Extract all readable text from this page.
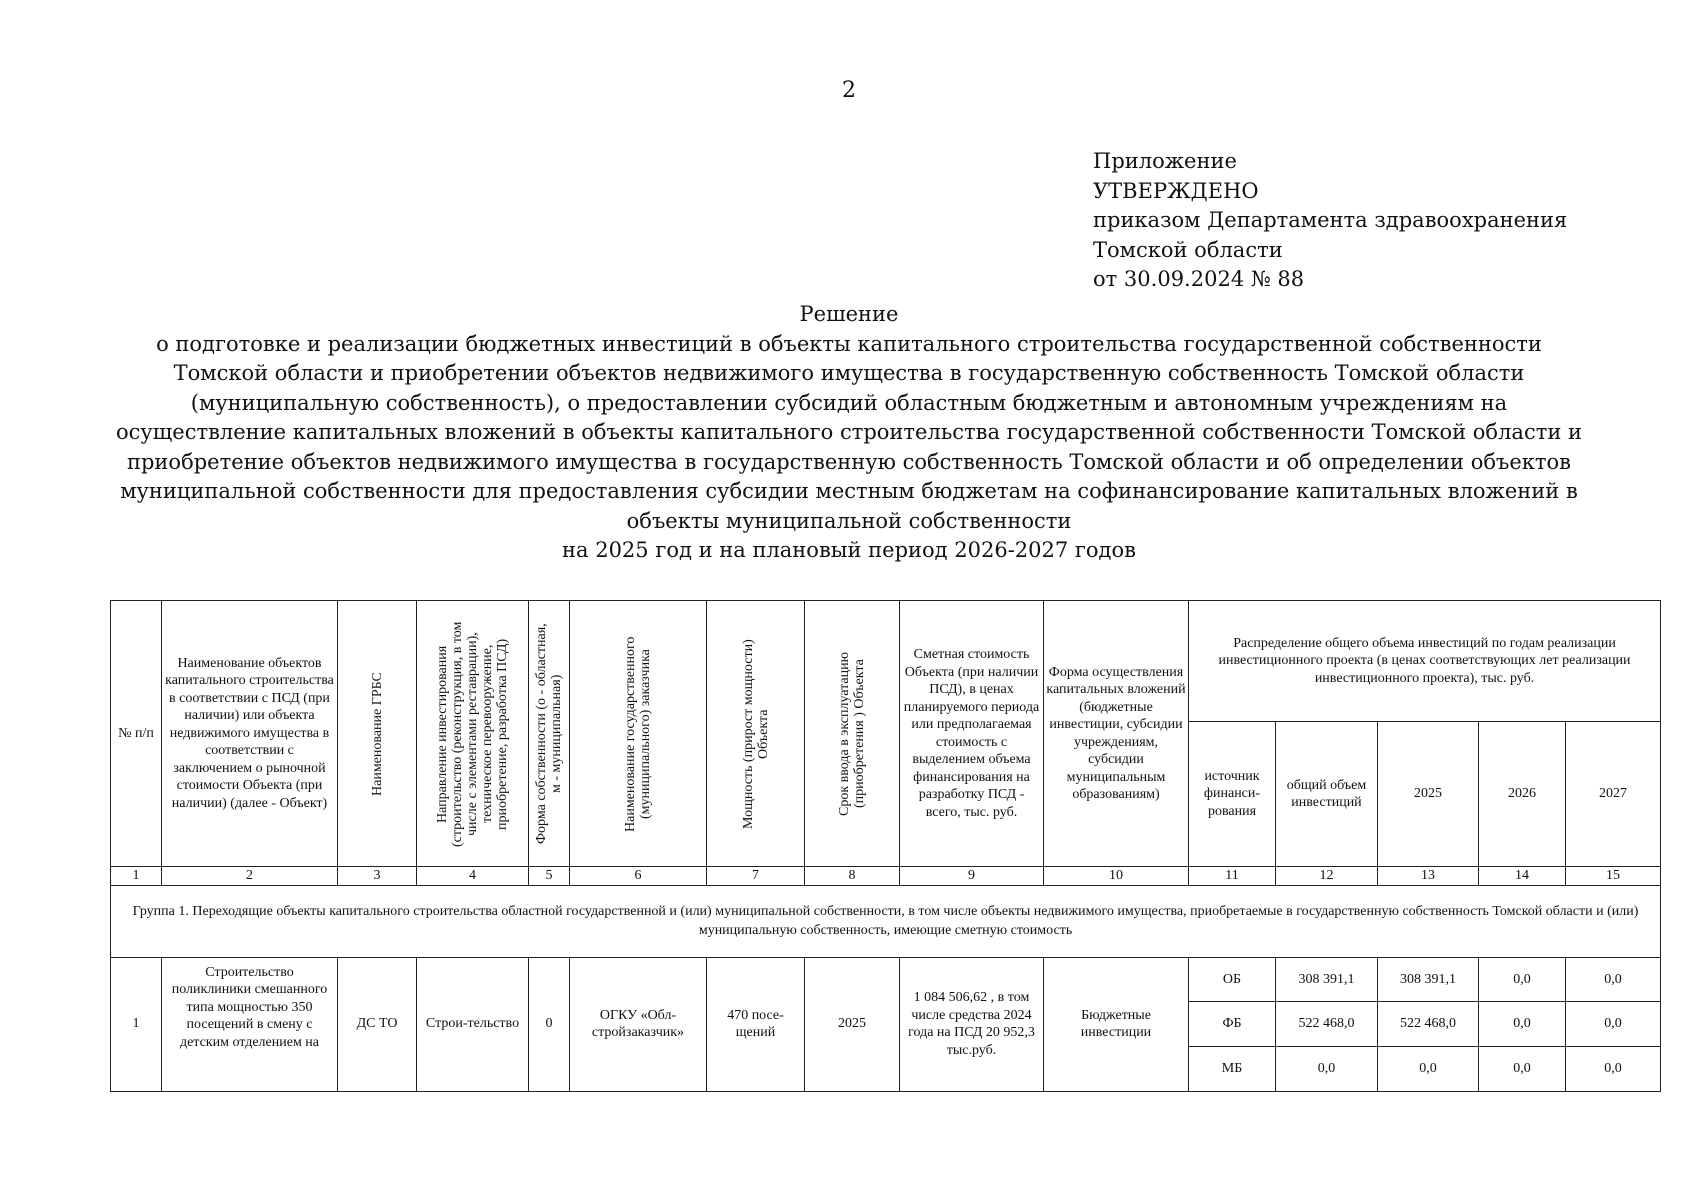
2
Приложение
УТВЕРЖДЕНО
приказом Департамента здравоохранения
Томской области
от 30.09.2024 № 88
Решение
о подготовке и реализации бюджетных инвестиций в объекты капитального строительства государственной собственности
Томской области и приобретении объектов недвижимого имущества в государственную собственность Томской области
(муниципальную собственность), о предоставлении субсидий областным бюджетным и автономным учреждениям на
осуществление капитальных вложений в объекты капитального строительства государственной собственности Томской области и
приобретение объектов недвижимого имущества в государственную собственность Томской области и об определении объектов
муниципальной собственности для предоставления субсидии местным бюджетам на софинансирование капитальных вложений в
объекты муниципальной собственности
на 2025 год и на плановый период 2026-2027 годов
№ п/п	Наименование объектов капитального строительства в соответствии с ПСД (при наличии) или объекта недвижимого имущества в соответствии с заключением о рыночной стоимости Объекта (при наличии) (далее - Объект)	Наименование ГРБС	Направление инвестирования (строительство (реконструкция, в том числе с элементами реставрации), техническое перевооружение, приобретение, разработка ПСД)	Форма собственности (о - областная, м - муниципальная)	Наименование государственного (муниципального) заказчика	Мощность (прирост мощности) Объекта	Срок ввода в эксплуатацию (приобретения ) Объекта	Сметная стоимость Объекта (при наличии ПСД), в ценах планируемого периода или предполагаемая стоимость с выделением объема финансирования на разработку ПСД - всего, тыс. руб.	Форма осуществления капитальных вложений (бюджетные инвестиции, субсидии учреждениям, субсидии муниципальным образованиям)	Распределение общего объема инвестиций по годам реализации инвестиционного проекта (в ценах соответствующих лет реализации инвестиционного проекта), тыс. руб.				
										источник финанси-рования	общий объем инвестиций	2025	2026	2027
1	2	3	4	5	6	7	8	9	10	11	12	13	14	15
Группа 1. Переходящие объекты капитального строительства областной государственной и (или) муниципальной собственности, в том числе объекты недвижимого имущества, приобретаемые в государственную собственность Томской области и (или) муниципальную собственность, имеющие сметную стоимость														
1	Строительство поликлиники смешанного типа мощностью 350 посещений в смену с детским отделением на	ДС ТО	Строи-тельство	0	ОГКУ «Обл-стройзаказчик»	470 посе-щений	2025	1 084 506,62 , в том числе средства 2024 года на ПСД 20 952,3 тыс.руб.	Бюджетные инвестиции	ОБ	308 391,1	308 391,1	0,0	0,0
										ФБ	522 468,0	522 468,0	0,0	0,0
										МБ	0,0	0,0	0,0	0,0
